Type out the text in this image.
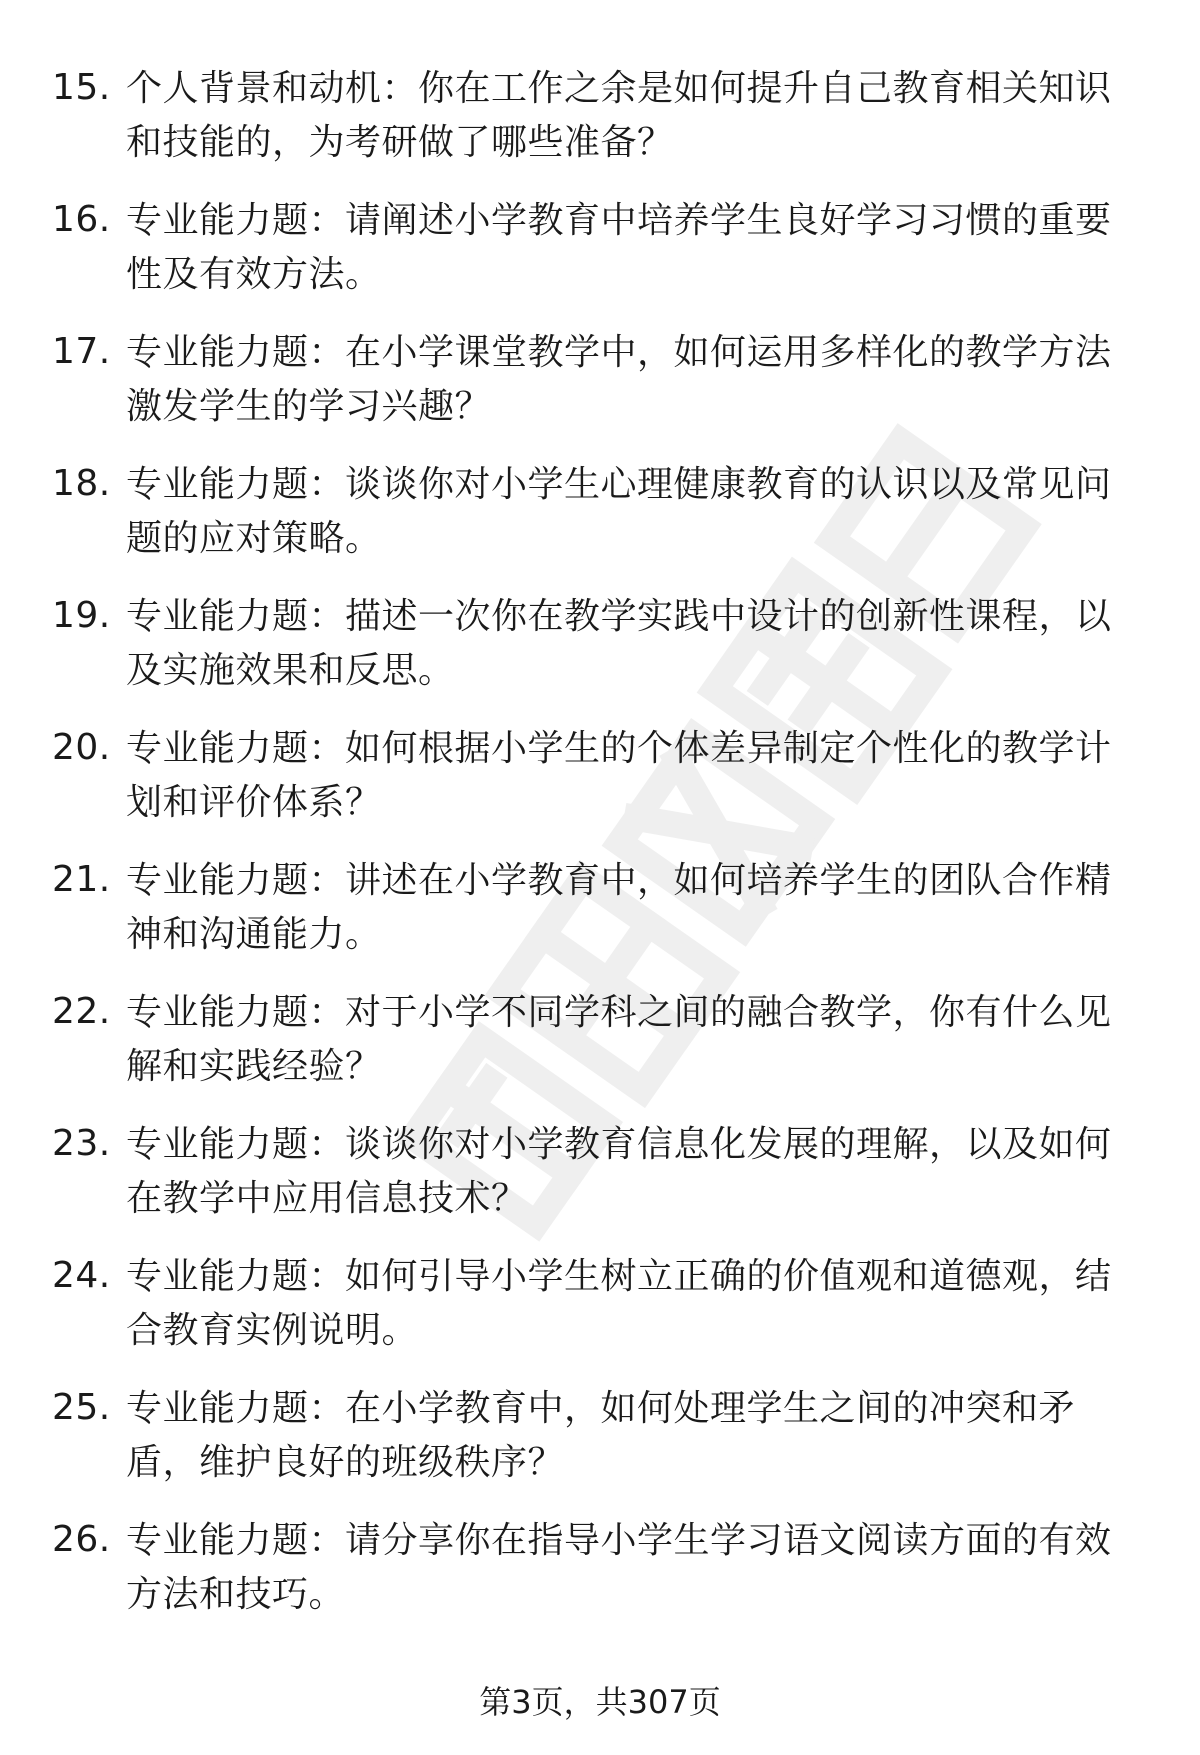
15. 个人背景和动机：你在工作之余是如何提升自己教育相关知识和技能的，为考研做了哪些准备？
16. 专业能力题：请阐述小学教育中培养学生良好学习习惯的重要性及有效方法。
17. 专业能力题：在小学课堂教学中，如何运用多样化的教学方法激发学生的学习兴趣？
18. 专业能力题：谈谈你对小学生心理健康教育的认识以及常见问题的应对策略。
19. 专业能力题：描述一次你在教学实践中设计的创新性课程，以及实施效果和反思。
20. 专业能力题：如何根据小学生的个体差异制定个性化的教学计划和评价体系？
21. 专业能力题：讲述在小学教育中，如何培养学生的团队合作精神和沟通能力。
22. 专业能力题：对于小学不同学科之间的融合教学，你有什么见解和实践经验？
23. 专业能力题：谈谈你对小学教育信息化发展的理解，以及如何在教学中应用信息技术？
24. 专业能力题：如何引导小学生树立正确的价值观和道德观，结合教育实例说明。
25. 专业能力题：在小学教育中，如何处理学生之间的冲突和矛盾，维护良好的班级秩序？
26. 专业能力题：请分享你在指导小学生学习语文阅读方面的有效方法和技巧。
第3页，共307页
